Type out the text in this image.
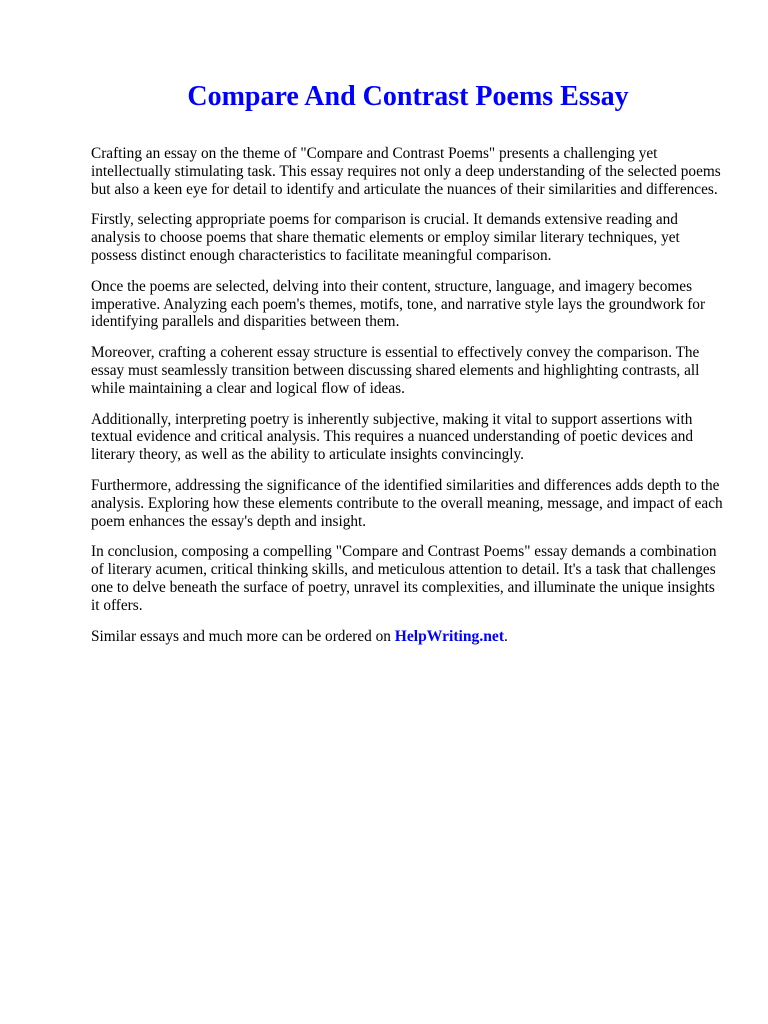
Compare And Contrast Poems Essay

Crafting an essay on the theme of "Compare and Contrast Poems" presents a challenging yet intellectually stimulating task. This essay requires not only a deep understanding of the selected poems but also a keen eye for detail to identify and articulate the nuances of their similarities and differences.

Firstly, selecting appropriate poems for comparison is crucial. It demands extensive reading and analysis to choose poems that share thematic elements or employ similar literary techniques, yet possess distinct enough characteristics to facilitate meaningful comparison.

Once the poems are selected, delving into their content, structure, language, and imagery becomes imperative. Analyzing each poem's themes, motifs, tone, and narrative style lays the groundwork for identifying parallels and disparities between them.

Moreover, crafting a coherent essay structure is essential to effectively convey the comparison. The essay must seamlessly transition between discussing shared elements and highlighting contrasts, all while maintaining a clear and logical flow of ideas.

Additionally, interpreting poetry is inherently subjective, making it vital to support assertions with textual evidence and critical analysis. This requires a nuanced understanding of poetic devices and literary theory, as well as the ability to articulate insights convincingly.

Furthermore, addressing the significance of the identified similarities and differences adds depth to the analysis. Exploring how these elements contribute to the overall meaning, message, and impact of each poem enhances the essay's depth and insight.

In conclusion, composing a compelling "Compare and Contrast Poems" essay demands a combination of literary acumen, critical thinking skills, and meticulous attention to detail. It's a task that challenges one to delve beneath the surface of poetry, unravel its complexities, and illuminate the unique insights it offers.

Similar essays and much more can be ordered on HelpWriting.net.
